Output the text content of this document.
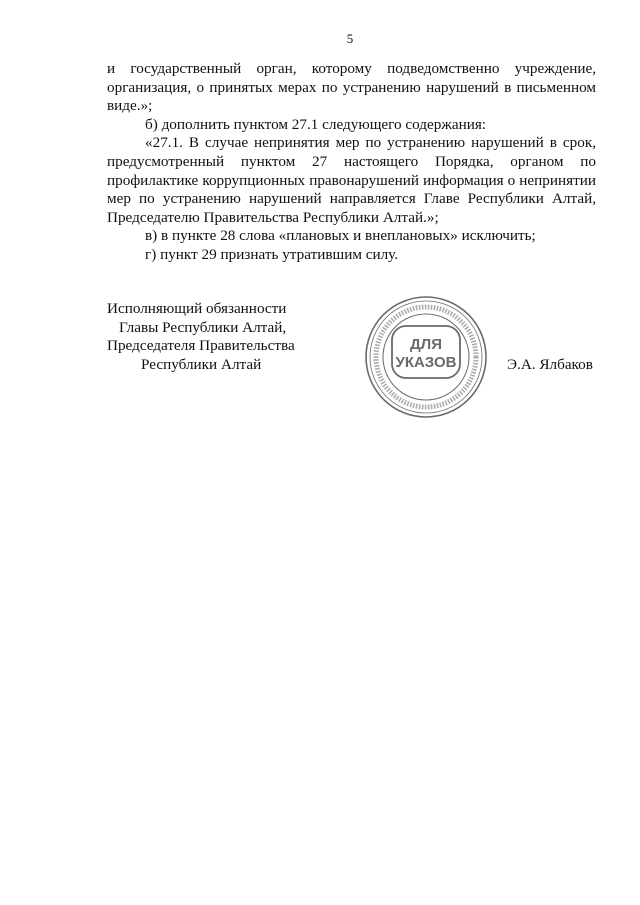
5

и государственный орган, которому подведомственно учреждение, организация, о принятых мерах по устранению нарушений в письменном виде.»;

б) дополнить пунктом 27.1 следующего содержания:

«27.1. В случае непринятия мер по устранению нарушений в срок, предусмотренный пунктом 27 настоящего Порядка, органом по профилактике коррупционных правонарушений информация о непринятии мер по устранению нарушений направляется Главе Республики Алтай, Председателю Правительства Республики Алтай.»;

в) в пункте 28 слова «плановых и внеплановых» исключить;

г) пункт 29 признать утратившим силу.

Исполняющий обязанности
Главы Республики Алтай,
Председателя Правительства
Республики Алтай
ДЛЯ
УКАЗОВ	Э.А. Ялбаков
